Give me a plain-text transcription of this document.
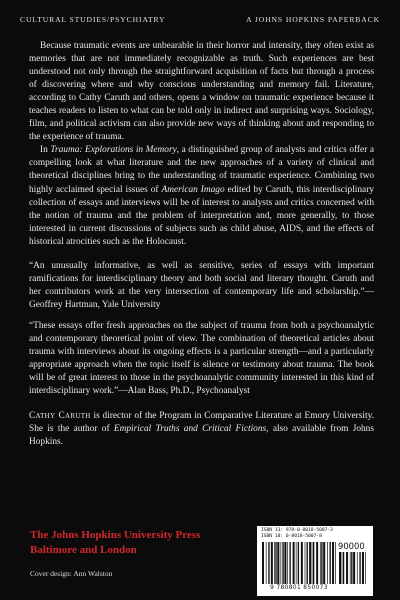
CULTURAL STUDIES/PSYCHIATRY	A JOHNS HOPKINS PAPERBACK

Because traumatic events are unbearable in their horror and intensity, they often exist as memories that are not immediately recognizable as truth. Such experiences are best understood not only through the straightforward acquisition of facts but through a process of discovering where and why conscious understanding and memory fail. Literature, according to Cathy Caruth and others, opens a window on traumatic experience because it teaches readers to listen to what can be told only in indirect and surprising ways. Sociology, film, and political activism can also provide new ways of thinking about and responding to the experience of trauma.

In Trauma: Explorations in Memory, a distinguished group of analysts and critics offer a compelling look at what literature and the new approaches of a variety of clinical and theoretical disciplines bring to the understanding of traumatic experience. Combining two highly acclaimed special issues of American Imago edited by Caruth, this interdisciplinary collection of essays and interviews will be of interest to analysts and critics concerned with the notion of trauma and the problem of interpretation and, more generally, to those interested in current discussions of subjects such as child abuse, AIDS, and the effects of historical atrocities such as the Holocaust.

“An unusually informative, as well as sensitive, series of essays with important ramifications for interdisciplinary theory and both social and literary thought. Caruth and her contributors work at the very intersection of contemporary life and scholarship.”—Geoffrey Hartman, Yale University

“These essays offer fresh approaches on the subject of trauma from both a psychoanalytic and contemporary theoretical point of view. The combination of theoretical articles about trauma with interviews about its ongoing effects is a particular strength—and a particularly appropriate approach when the topic itself is silence or testimony about trauma. The book will be of great interest to those in the psychoanalytic community interested in this kind of interdisciplinary work.”—Alan Bass, Ph.D., Psychoanalyst

Cathy Caruth is director of the Program in Comparative Literature at Emory University. She is the author of Empirical Truths and Critical Fictions, also available from Johns Hopkins.

The Johns Hopkins University Press
Baltimore and London
Cover design: Ann Walston
ISBN 13: 978-0-8018-5007-3
ISBN 10: 0-8018-5007-8
90000
9 780801 850073
